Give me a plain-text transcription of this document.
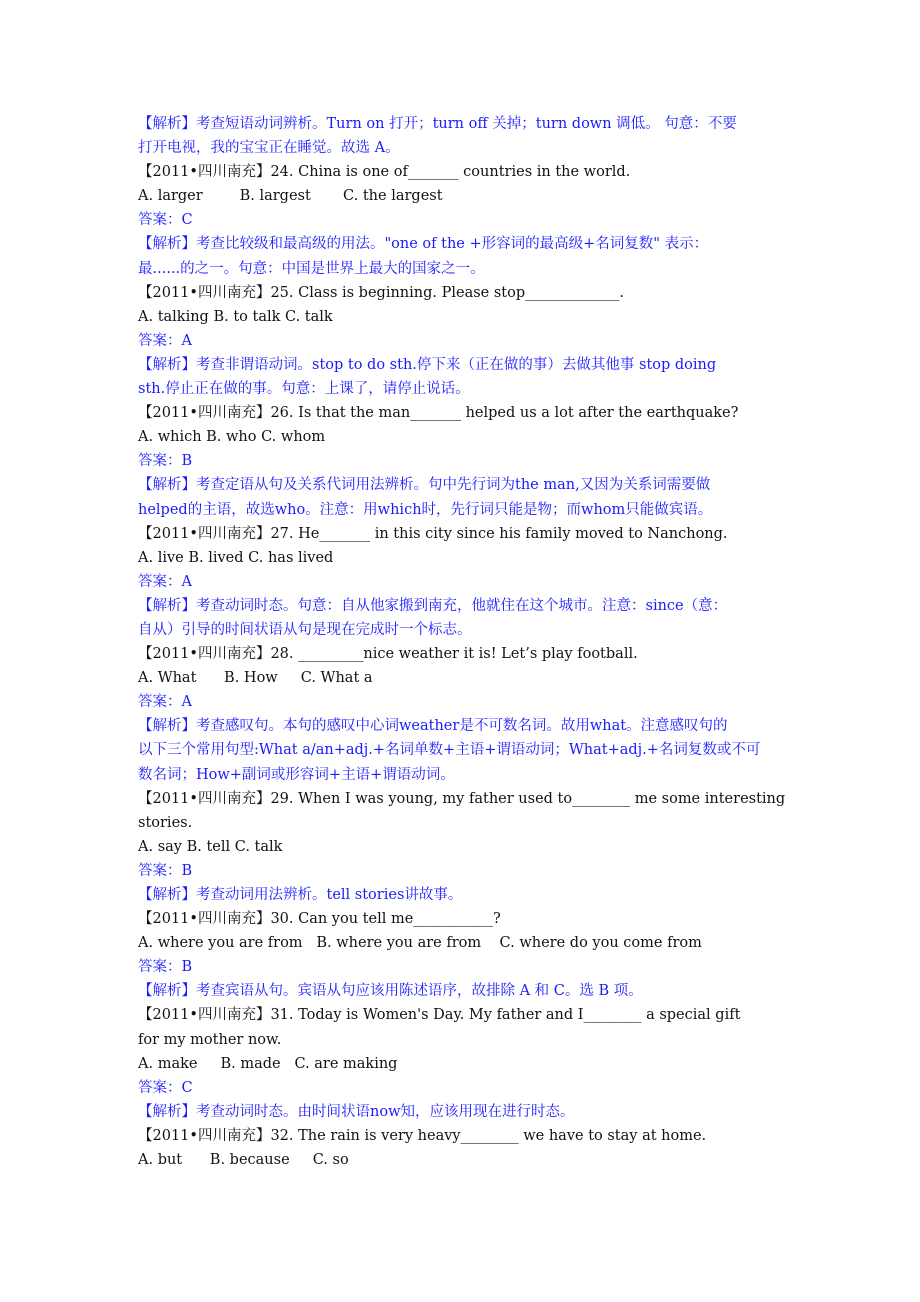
【解析】考查短语动词辨析。Turn on 打开；turn off 关掉；turn down 调低。 句意：不要
打开电视，我的宝宝正在睡觉。故选 A。
【2011•四川南充】24. China is one of_______ countries in the world.
A. larger        B. largest       C. the largest
答案：C
【解析】考查比较级和最高级的用法。"one of the +形容词的最高级+名词复数" 表示：
最......的之一。句意：中国是世界上最大的国家之一。
【2011•四川南充】25. Class is beginning. Please stop_____________.
A. talking B. to talk C. talk
答案：A
【解析】考查非谓语动词。stop to do sth.停下来（正在做的事）去做其他事 stop doing
sth.停止正在做的事。句意：上课了，请停止说话。
【2011•四川南充】26. Is that the man_______ helped us a lot after the earthquake?
A. which B. who C. whom
答案：B
【解析】考查定语从句及关系代词用法辨析。句中先行词为the man,又因为关系词需要做
helped的主语，故选who。注意：用which时，先行词只能是物；而whom只能做宾语。
【2011•四川南充】27. He_______ in this city since his family moved to Nanchong.
A. live B. lived C. has lived
答案：A
【解析】考查动词时态。句意：自从他家搬到南充，他就住在这个城市。注意：since（意：
自从）引导的时间状语从句是现在完成时一个标志。
【2011•四川南充】28. _________nice weather it is! Let’s play football.
A. What      B. How     C. What a
答案：A
【解析】考查感叹句。本句的感叹中心词weather是不可数名词。故用what。注意感叹句的
以下三个常用句型:What a/an+adj.+名词单数+主语+谓语动词；What+adj.+名词复数或不可
数名词；How+副词或形容词+主语+谓语动词。
【2011•四川南充】29. When I was young, my father used to________ me some interesting
stories.
A. say B. tell C. talk
答案：B
【解析】考查动词用法辨析。tell stories讲故事。
【2011•四川南充】30. Can you tell me___________?
A. where you are from   B. where you are from    C. where do you come from
答案：B
【解析】考查宾语从句。宾语从句应该用陈述语序，故排除 A 和 C。选 B 项。
【2011•四川南充】31. Today is Women's Day. My father and I________ a special gift
for my mother now.
A. make     B. made   C. are making
答案：C
【解析】考查动词时态。由时间状语now知，应该用现在进行时态。
【2011•四川南充】32. The rain is very heavy________ we have to stay at home.
A. but      B. because     C. so
